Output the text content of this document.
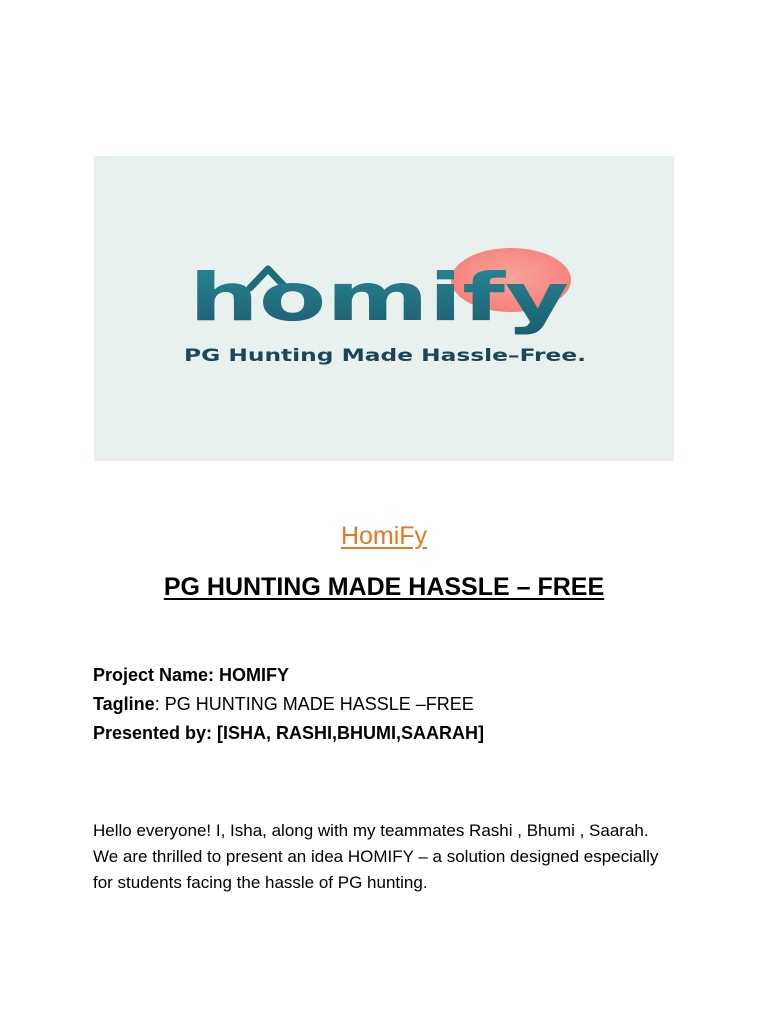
homify
PG Hunting Made Hassle–Free.
HomiFy
PG HUNTING MADE HASSLE – FREE
Project Name: HOMIFY
Tagline: PG HUNTING MADE HASSLE –FREE
Presented by: [ISHA, RASHI,BHUMI,SAARAH]

Hello everyone! I, Isha, along with my teammates Rashi , Bhumi , Saarah. We are thrilled to present an idea HOMIFY – a solution designed especially for students facing the hassle of PG hunting.
